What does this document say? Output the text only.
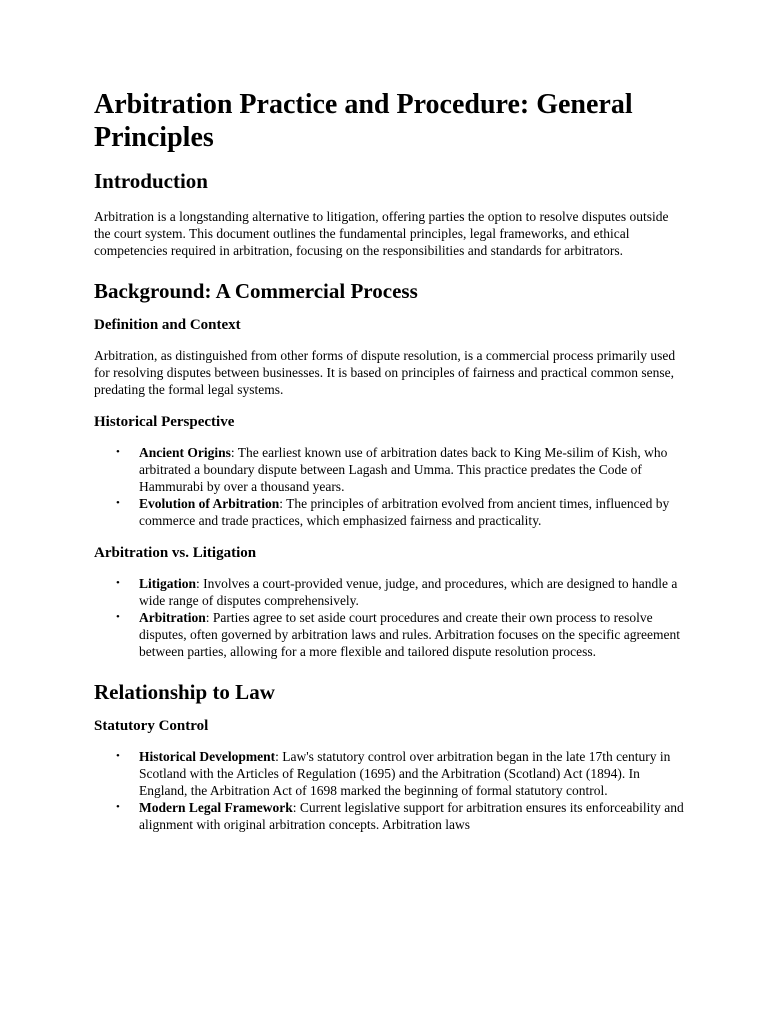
Arbitration Practice and Procedure: General Principles
Introduction

Arbitration is a longstanding alternative to litigation, offering parties the option to resolve disputes outside the court system. This document outlines the fundamental principles, legal frameworks, and ethical competencies required in arbitration, focusing on the responsibilities and standards for arbitrators.

Background: A Commercial Process
Definition and Context

Arbitration, as distinguished from other forms of dispute resolution, is a commercial process primarily used for resolving disputes between businesses. It is based on principles of fairness and practical common sense, predating the formal legal systems.

Historical Perspective
• Ancient Origins: The earliest known use of arbitration dates back to King Me-silim of Kish, who arbitrated a boundary dispute between Lagash and Umma. This practice predates the Code of Hammurabi by over a thousand years.
• Evolution of Arbitration: The principles of arbitration evolved from ancient times, influenced by commerce and trade practices, which emphasized fairness and practicality.
Arbitration vs. Litigation
• Litigation: Involves a court-provided venue, judge, and procedures, which are designed to handle a wide range of disputes comprehensively.
• Arbitration: Parties agree to set aside court procedures and create their own process to resolve disputes, often governed by arbitration laws and rules. Arbitration focuses on the specific agreement between parties, allowing for a more flexible and tailored dispute resolution process.
Relationship to Law
Statutory Control
• Historical Development: Law's statutory control over arbitration began in the late 17th century in Scotland with the Articles of Regulation (1695) and the Arbitration (Scotland) Act (1894). In England, the Arbitration Act of 1698 marked the beginning of formal statutory control.
• Modern Legal Framework: Current legislative support for arbitration ensures its enforceability and alignment with original arbitration concepts. Arbitration laws
